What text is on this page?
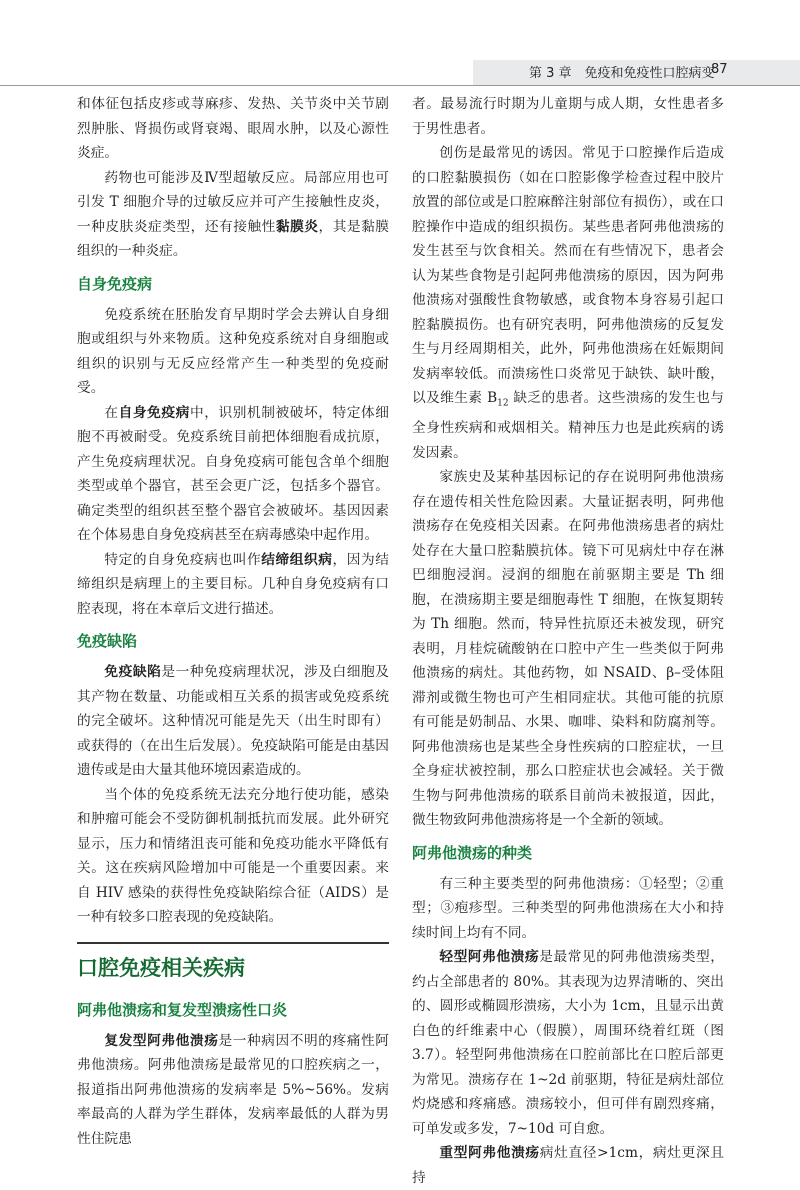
第 3 章　免疫和免疫性口腔病变
87

和体征包括皮疹或荨麻疹、发热、关节炎中关节剧烈肿胀、肾损伤或肾衰竭、眼周水肿，以及心源性炎症。

药物也可能涉及Ⅳ型超敏反应。局部应用也可引发 T 细胞介导的过敏反应并可产生接触性皮炎，一种皮肤炎症类型，还有接触性黏膜炎，其是黏膜组织的一种炎症。

自身免疫病

免疫系统在胚胎发育早期时学会去辨认自身细胞或组织与外来物质。这种免疫系统对自身细胞或组织的识别与无反应经常产生一种类型的免疫耐受。

在自身免疫病中，识别机制被破坏，特定体细胞不再被耐受。免疫系统目前把体细胞看成抗原，产生免疫病理状况。自身免疫病可能包含单个细胞类型或单个器官，甚至会更广泛，包括多个器官。确定类型的组织甚至整个器官会被破坏。基因因素在个体易患自身免疫病甚至在病毒感染中起作用。

特定的自身免疫病也叫作结缔组织病，因为结缔组织是病理上的主要目标。几种自身免疫病有口腔表现，将在本章后文进行描述。

免疫缺陷

免疫缺陷是一种免疫病理状况，涉及白细胞及其产物在数量、功能或相互关系的损害或免疫系统的完全破坏。这种情况可能是先天（出生时即有）或获得的（在出生后发展）。免疫缺陷可能是由基因遗传或是由大量其他环境因素造成的。

当个体的免疫系统无法充分地行使功能，感染和肿瘤可能会不受防御机制抵抗而发展。此外研究显示，压力和情绪沮丧可能和免疫功能水平降低有关。这在疾病风险增加中可能是一个重要因素。来自 HIV 感染的获得性免疫缺陷综合征（AIDS）是一种有较多口腔表现的免疫缺陷。

口腔免疫相关疾病
阿弗他溃疡和复发型溃疡性口炎

复发型阿弗他溃疡是一种病因不明的疼痛性阿弗他溃疡。阿弗他溃疡是最常见的口腔疾病之一，报道指出阿弗他溃疡的发病率是 5%~56%。发病率最高的人群为学生群体，发病率最低的人群为男性住院患

者。最易流行时期为儿童期与成人期，女性患者多于男性患者。

创伤是最常见的诱因。常见于口腔操作后造成的口腔黏膜损伤（如在口腔影像学检查过程中胶片放置的部位或是口腔麻醉注射部位有损伤），或在口腔操作中造成的组织损伤。某些患者阿弗他溃疡的发生甚至与饮食相关。然而在有些情况下，患者会认为某些食物是引起阿弗他溃疡的原因，因为阿弗他溃疡对强酸性食物敏感，或食物本身容易引起口腔黏膜损伤。也有研究表明，阿弗他溃疡的反复发生与月经周期相关，此外，阿弗他溃疡在妊娠期间发病率较低。而溃疡性口炎常见于缺铁、缺叶酸，以及维生素 $B_{12}$ 缺乏的患者。这些溃疡的发生也与全身性疾病和戒烟相关。精神压力也是此疾病的诱发因素。

家族史及某种基因标记的存在说明阿弗他溃疡存在遗传相关性危险因素。大量证据表明，阿弗他溃疡存在免疫相关因素。在阿弗他溃疡患者的病灶处存在大量口腔黏膜抗体。镜下可见病灶中存在淋巴细胞浸润。浸润的细胞在前驱期主要是 Th 细胞，在溃疡期主要是细胞毒性 T 细胞，在恢复期转为 Th 细胞。然而，特异性抗原还未被发现，研究表明，月桂烷硫酸钠在口腔中产生一些类似于阿弗他溃疡的病灶。其他药物，如 NSAID、β–受体阻滞剂或微生物也可产生相同症状。其他可能的抗原有可能是奶制品、水果、咖啡、染料和防腐剂等。阿弗他溃疡也是某些全身性疾病的口腔症状，一旦全身症状被控制，那么口腔症状也会减轻。关于微生物与阿弗他溃疡的联系目前尚未被报道，因此，微生物致阿弗他溃疡将是一个全新的领域。

阿弗他溃疡的种类

有三种主要类型的阿弗他溃疡：①轻型；②重型；③疱疹型。三种类型的阿弗他溃疡在大小和持续时间上均有不同。

轻型阿弗他溃疡是最常见的阿弗他溃疡类型，约占全部患者的 80%。其表现为边界清晰的、突出的、圆形或椭圆形溃疡，大小为 1cm，且显示出黄白色的纤维素中心（假膜），周围环绕着红斑（图 3.7）。轻型阿弗他溃疡在口腔前部比在口腔后部更为常见。溃疡存在 1~2d 前驱期，特征是病灶部位灼烧感和疼痛感。溃疡较小，但可伴有剧烈疼痛，可单发或多发，7~10d 可自愈。

重型阿弗他溃疡病灶直径>1cm，病灶更深且持
